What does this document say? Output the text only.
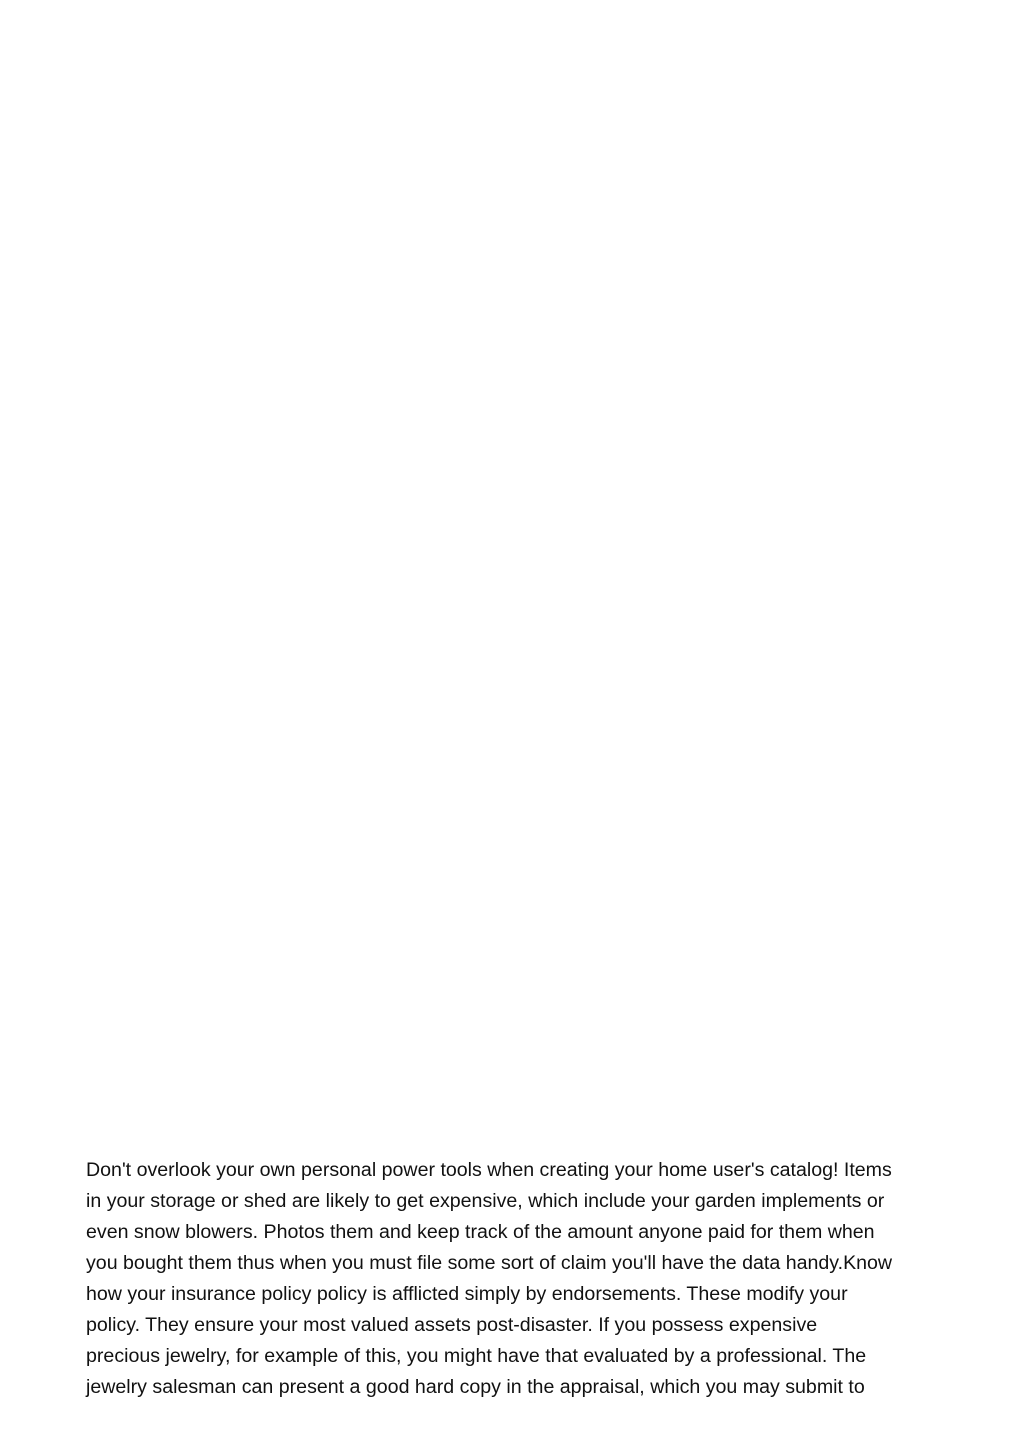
Don't overlook your own personal power tools when creating your home user's catalog! Items
in your storage or shed are likely to get expensive, which include your garden implements or
even snow blowers. Photos them and keep track of the amount anyone paid for them when
you bought them thus when you must file some sort of claim you'll have the data handy.Know
how your insurance policy policy is afflicted simply by endorsements. These modify your
policy. They ensure your most valued assets post-disaster. If you possess expensive
precious jewelry, for example of this, you might have that evaluated by a professional. The
jewelry salesman can present a good hard copy in the appraisal, which you may submit to
